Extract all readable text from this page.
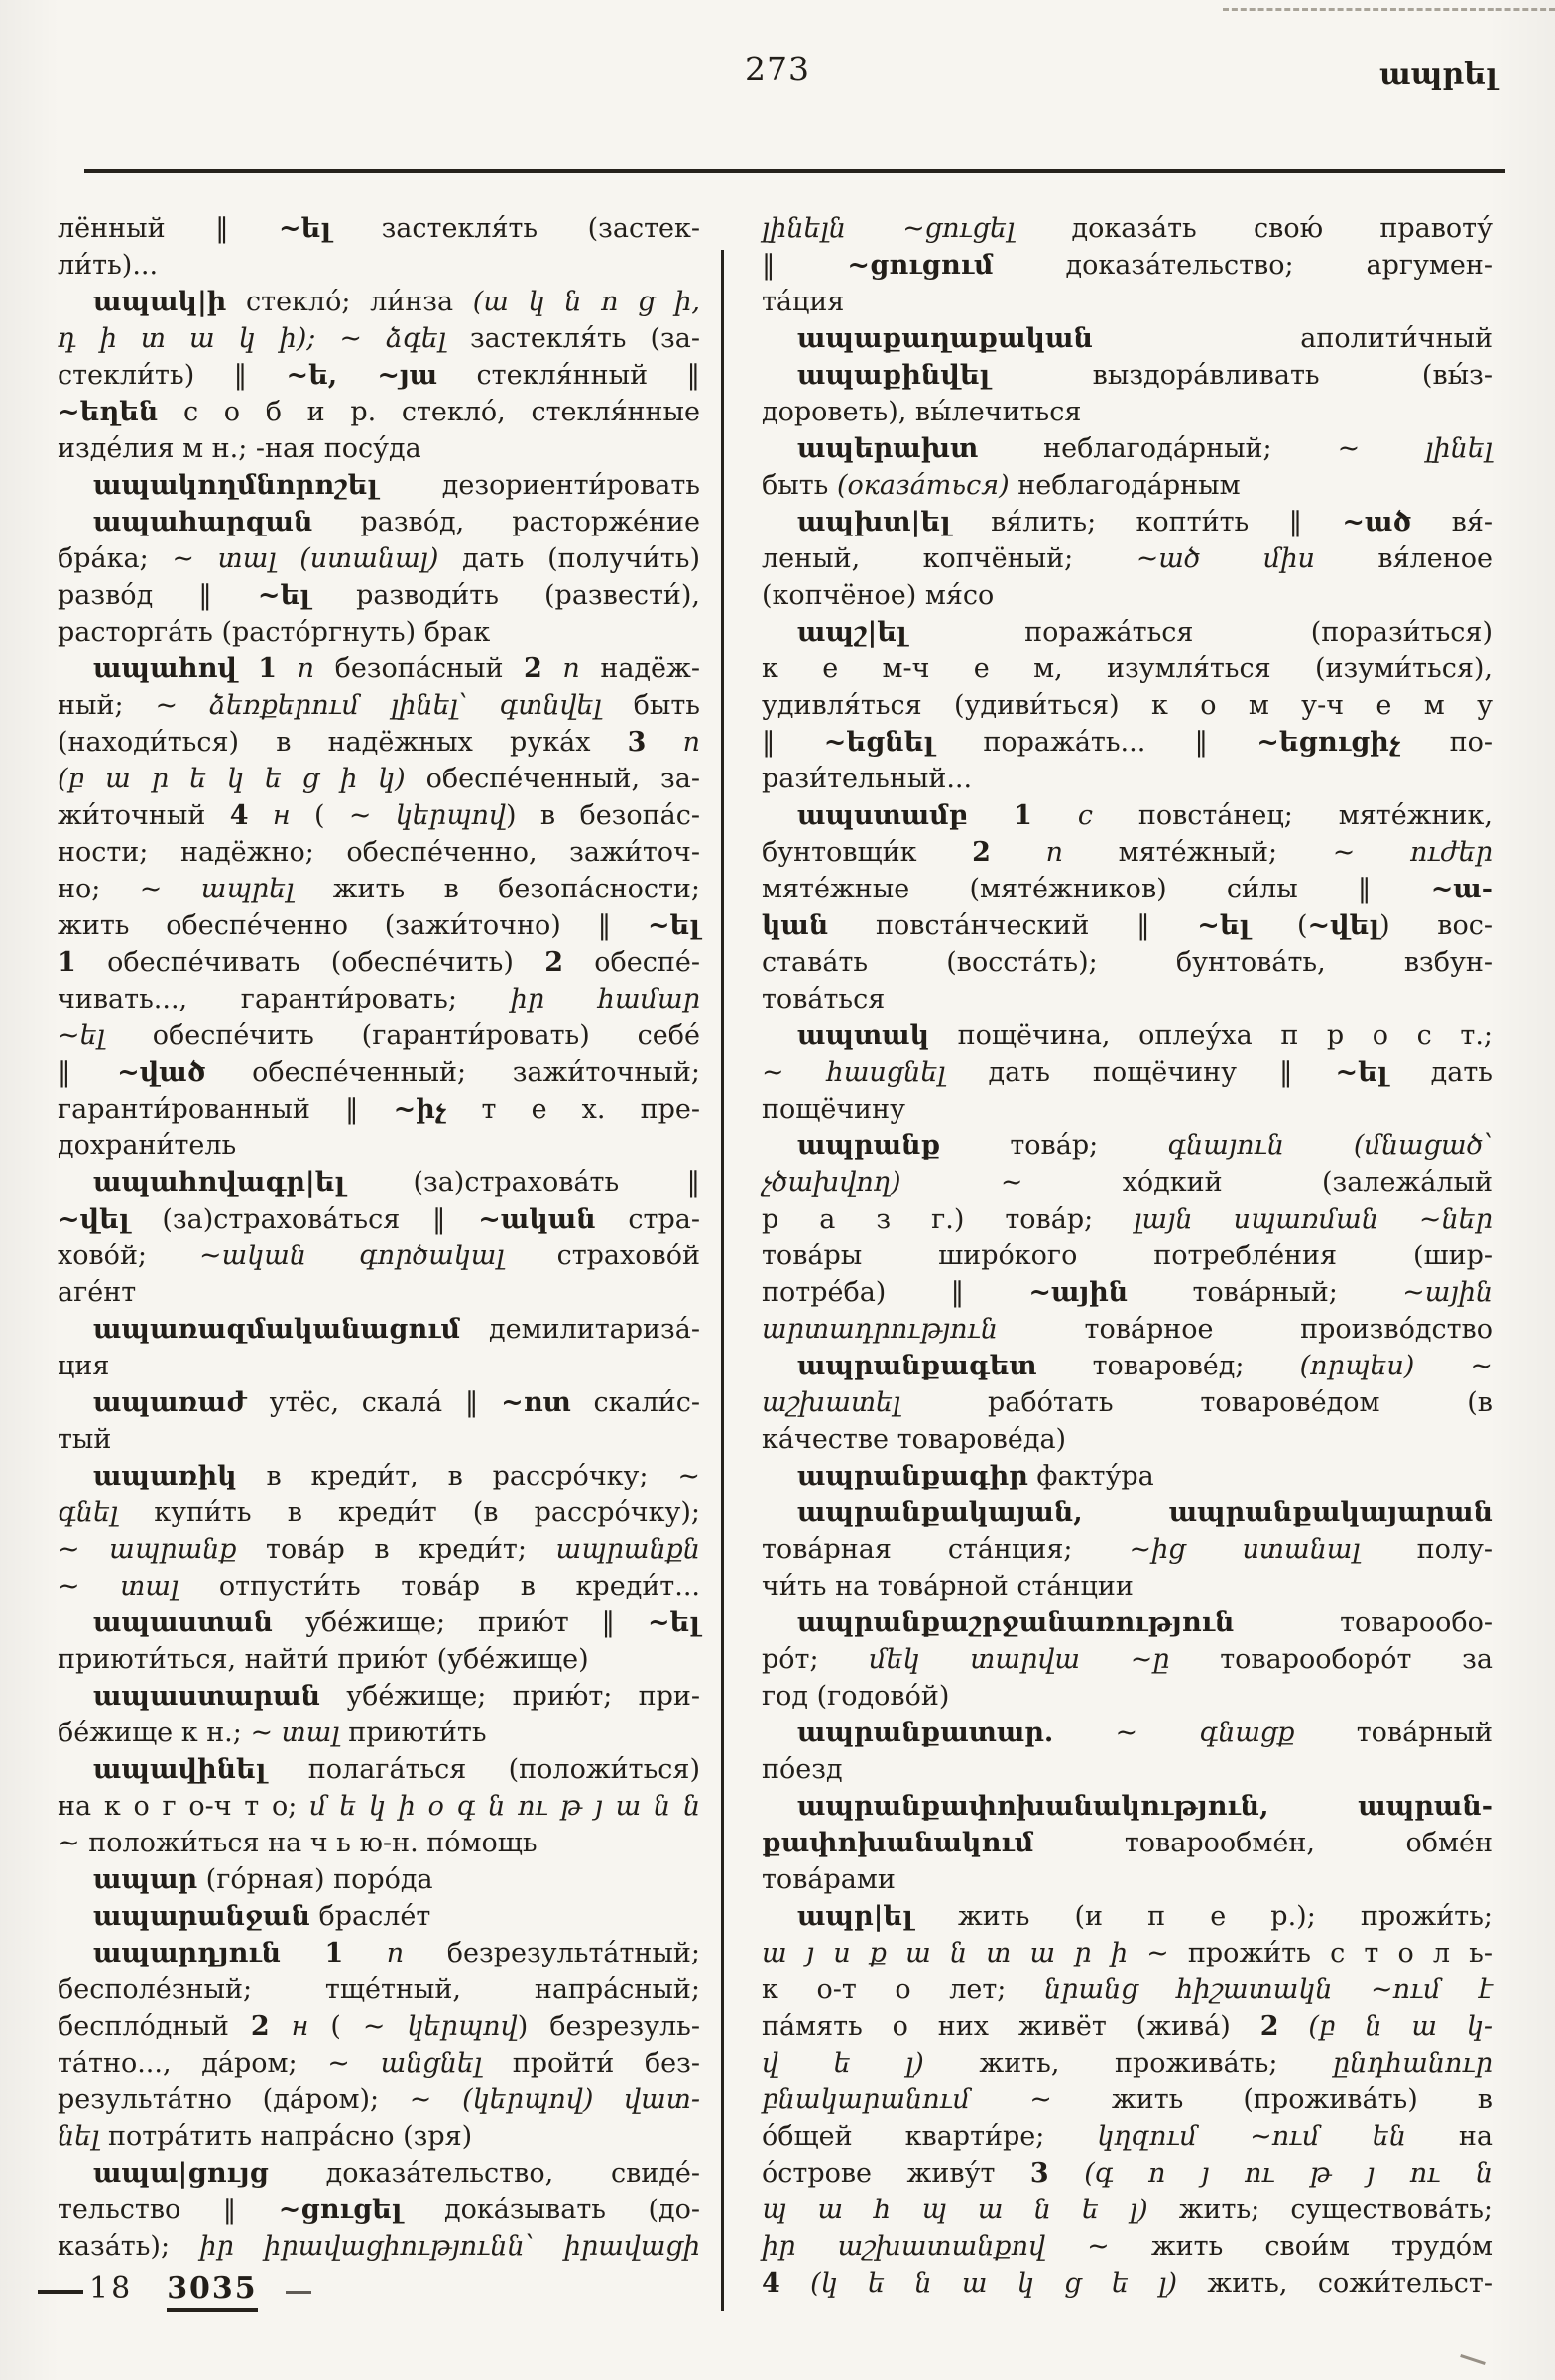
273	ապրել
лённый ‖ ~ել застекля́ть (застек-
ли́ть)...
ապակ|ի стекло́; ли́нза (ա կ ն ո ց ի,
դ ի տ ա կ ի); ~ ձգել застекля́ть (за-
стекли́ть) ‖ ~ե, ~յա стекля́нный ‖
~եղեն с о б и р. стекло́, стекля́нные
изде́лия м н.; -ная посу́да
ապակողմնորոշել дезориенти́ровать
ապահարզան разво́д, расторже́ние
бра́ка; ~ տալ (ստանալ) дать (получи́ть)
разво́д ‖ ~ել разводи́ть (развести́),
расторга́ть (расто́ргнуть) брак
ապահով 1 п безопа́сный 2 п надёж-
ный; ~ ձեռքերում լինել՝ գտնվել быть
(находи́ться) в надёжных рука́х 3 п
(բ ա ր ե կ ե ց ի կ) обеспе́ченный, за-
жи́точный 4 н ( ~ կերպով) в безопа́с-
ности; надёжно; обеспе́ченно, зажи́точ-
но; ~ ապրել жить в безопа́сности;
жить обеспе́ченно (зажи́точно) ‖ ~ել
1 обеспе́чивать (обеспе́чить) 2 обеспе́-
чивать..., гаранти́ровать; իր համար
~ել обеспе́чить (гаранти́ровать) себе́
‖ ~ված обеспе́ченный; зажи́точный;
гаранти́рованный ‖ ~իչ т е х. пре-
дохрани́тель
ապահովագր|ել (за)страхова́ть ‖
~վել (за)страхова́ться ‖ ~ական стра-
хово́й; ~ական գործակալ страхово́й
аге́нт
ապառազմականացում демилитариза́-
ция
ապառաժ утёс, скала́ ‖ ~ոտ скали́с-
тый
ապառիկ в креди́т, в рассро́чку; ~
գնել купи́ть в креди́т (в рассро́чку);
~ ապրանք това́р в креди́т; ապրանքն
~ տալ отпусти́ть това́р в креди́т...
ապաստան убе́жище; прию́т ‖ ~ել
приюти́ться, найти́ прию́т (убе́жище)
ապաստարան убе́жище; прию́т; при-
бе́жище к н.; ~ տալ приюти́ть
ապավինել полага́ться (положи́ться)
на к о г о-ч т о; մ ե կ ի օ գ ն ու թ յ ա ն ն
~ положи́ться на ч ь ю-н. по́мощь
ապար (го́рная) поро́да
ապարանջան брасле́т
ապարդյուն 1 п безрезульта́тный;
бесполе́зный; тще́тный, напра́сный;
беспло́дный 2 н ( ~ կերպով) безрезуль-
та́тно..., да́ром; ~ անցնել пройти́ без-
результа́тно (да́ром); ~ (կերպով) վատ-
նել потра́тить напра́сно (зря)
ապա|ցույց доказа́тельство, свиде́-
тельство ‖ ~ցուցել дока́зывать (до-
каза́ть); իր իրավացիությունն՝ իրավացի
լինելն ~ցուցել доказа́ть свою́ правоту́
‖ ~ցուցում доказа́тельство; аргумен-
та́ция
ապաքաղաքական аполити́чный
ապաքինվել выздора́вливать (вы́з-
дороветь), вы́лечиться
ապերախտ неблагода́рный; ~ լինել
быть (оказа́ться) неблагода́рным
ապխտ|ել вя́лить; копти́ть ‖ ~ած вя́-
леный, копчёный; ~ած միս вя́леное
(копчёное) мя́со
ապշ|ել поража́ться (порази́ться)
к е м-ч е м, изумля́ться (изуми́ться),
удивля́ться (удиви́ться) к о м у-ч е м у
‖ ~եցնել поража́ть... ‖ ~եցուցիչ по-
рази́тельный...
ապստամբ 1 с повста́нец; мяте́жник,
бунтовщи́к 2 п мяте́жный; ~ ուժեր
мяте́жные (мяте́жников) си́лы ‖ ~ա-
կան повста́нческий ‖ ~ել (~վել) вос-
става́ть (восста́ть); бунтова́ть, взбун-
това́ться
ապտակ пощёчина, оплеу́ха п р о с т.;
~ հասցնել дать пощёчину ‖ ~ել дать
пощёчину
ապրանք това́р; գնայուն (մնացած՝
չծախվող) ~ хо́дкий (залежа́лый
р а з г.) това́р; լայն սպառման ~ներ
това́ры широ́кого потребле́ния (шир-
потре́ба) ‖ ~ային това́рный; ~ային
արտադրություն това́рное произво́дство
ապրանքագետ товарове́д; (որպես) ~
աշխատել рабо́тать товарове́дом (в
ка́честве товарове́да)
ապրանքագիր факту́ра
ապրանքակայան, ապրանքակայարան
това́рная ста́нция; ~ից ստանալ полу-
чи́ть на това́рной ста́нции
ապրանքաշրջանառություն товарообо-
ро́т; մեկ տարվա ~ը товарооборо́т за
год (годово́й)
ապրանքատար. ~ գնացք това́рный
по́езд
ապրանքափոխանակություն, ապրան-
քափոխանակում товарообме́н, обме́н
това́рами
ապր|ել жить (и п е р.); прожи́ть;
ա յ ս ք ա ն տ ա ր ի ~ прожи́ть с т о л ь-
к о-т о лет; նրանց հիշատակն ~ում է
па́мять о них живёт (жива́) 2 (բ ն ա կ-
վ ե լ) жить, прожива́ть; ընդհանուր
բնակարանում ~ жить (прожива́ть) в
о́бщей кварти́ре; կղզում ~ում են на
о́строве живу́т 3 (գ ո յ ու թ յ ու ն
պ ա հ պ ա ն ե լ) жить; существова́ть;
իր աշխատանքով ~ жить свои́м трудо́м
4 (կ ե ն ա կ ց ե լ) жить, сожи́тельст-
18 3035
